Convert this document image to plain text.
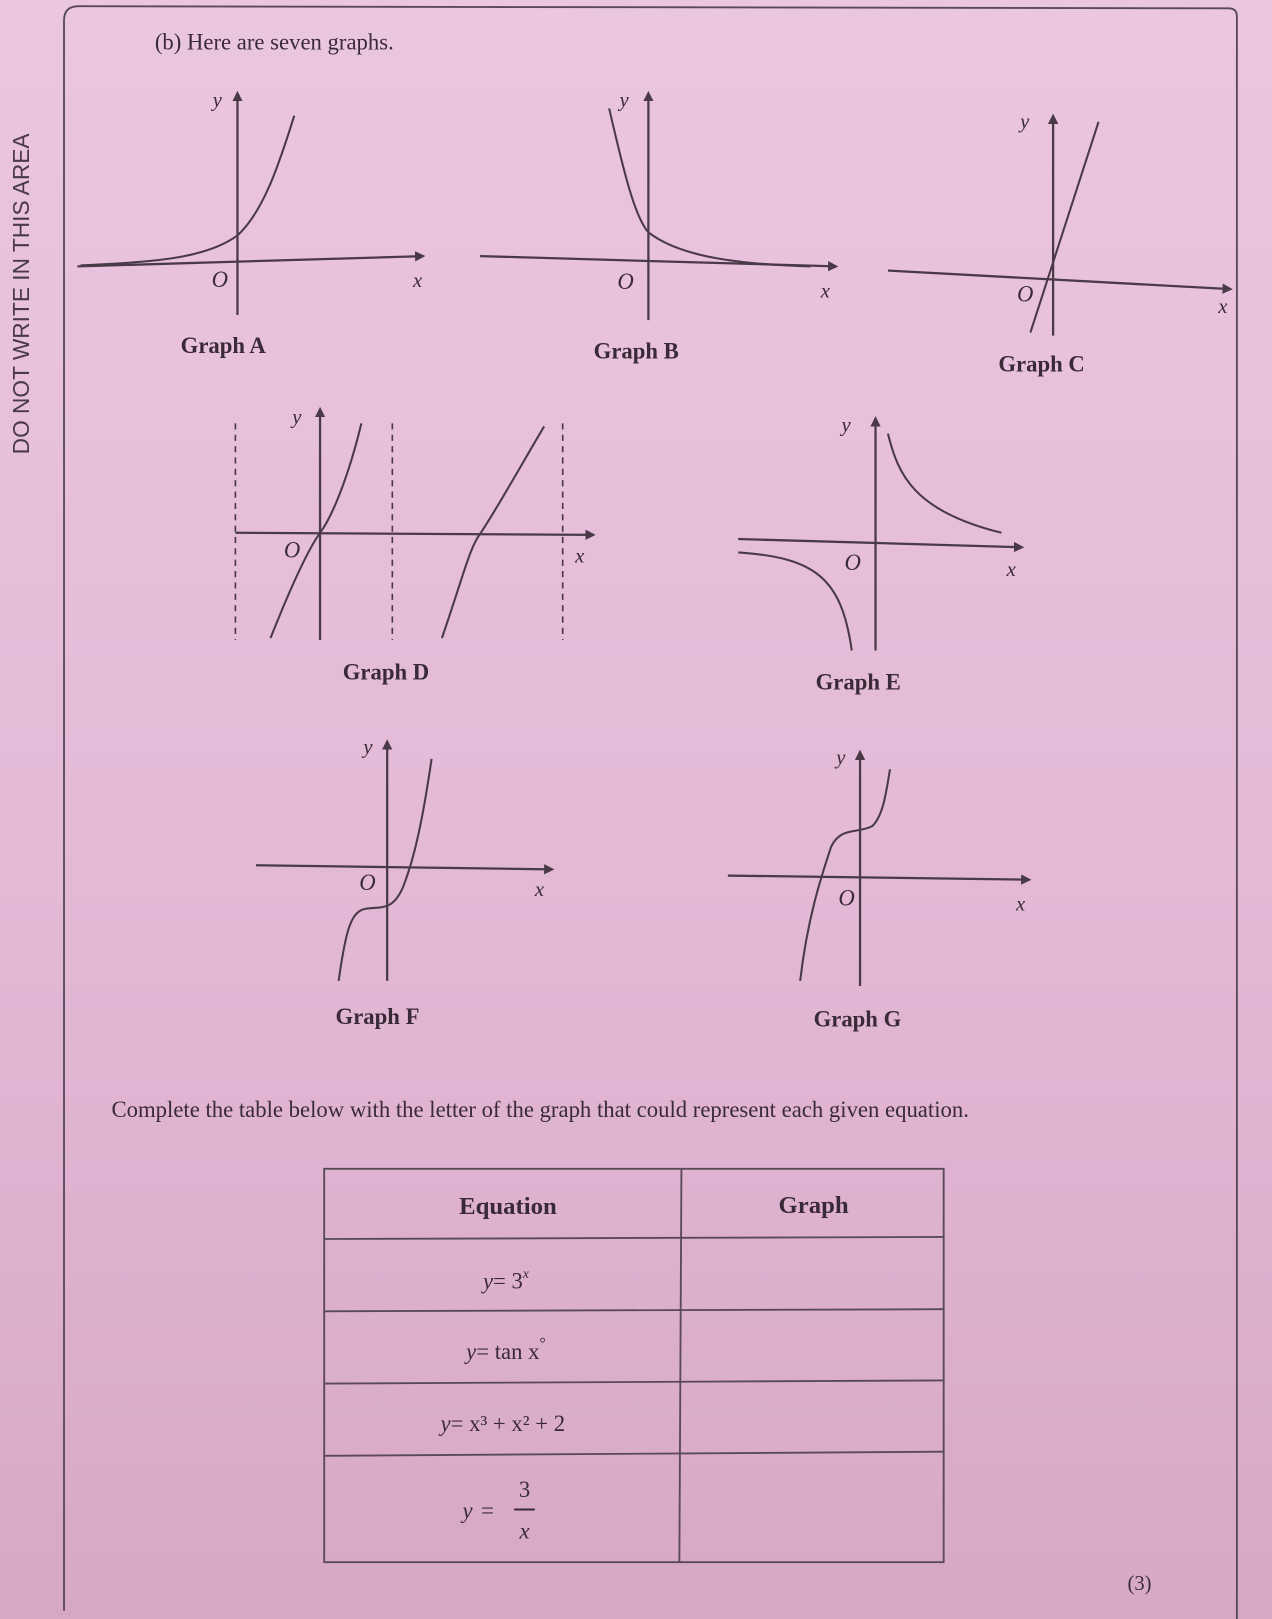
DO NOT WRITE IN THIS AREA
(b) Here are seven graphs.
y
O	x
Graph A
y
O	x
Graph B
y
O
x
Graph C
y
O	x
Graph D
y
O	x
Graph E
y
O	x
Graph F
y
O	x
Graph G
Complete the table below with the letter of the graph that could represent each given equation.
Equation	Graph
$y= 3^x$
y= tan x°
y= x³ + x² + 2
y =
3
x
(3)
